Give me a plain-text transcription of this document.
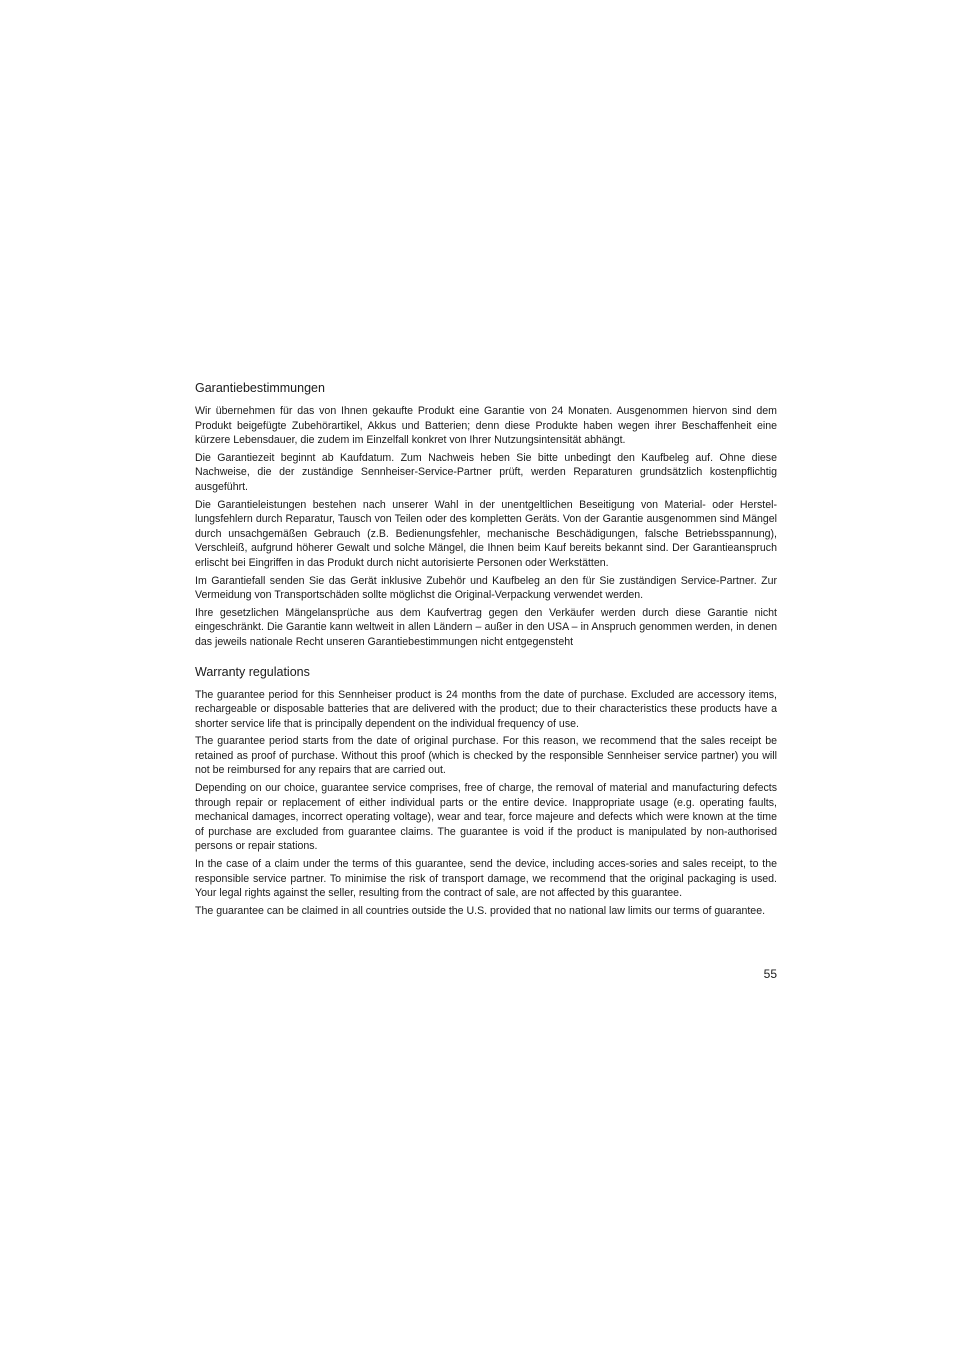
Garantiebestimmungen

Wir übernehmen für das von Ihnen gekaufte Produkt eine Garantie von 24 Monaten. Ausgenommen hiervon sind dem Produkt beigefügte Zubehörartikel, Akkus und Batterien; denn diese Produkte haben wegen ihrer Beschaffenheit eine kürzere Lebensdauer, die zudem im Einzelfall konkret von Ihrer Nutzungsintensität abhängt.

Die Garantiezeit beginnt ab Kaufdatum. Zum Nachweis heben Sie bitte unbedingt den Kaufbeleg auf. Ohne diese Nachweise, die der zuständige Sennheiser-Service-Partner prüft, werden Reparaturen grundsätzlich kostenpflichtig ausgeführt.

Die Garantieleistungen bestehen nach unserer Wahl in der unentgeltlichen Beseitigung von Material- oder Herstellungsfehlern durch Reparatur, Tausch von Teilen oder des kompletten Geräts. Von der Garantie ausgenommen sind Mängel durch unsachgemäßen Gebrauch (z.B. Bedienungsfehler, mechanische Beschädigungen, falsche Betriebsspannung), Verschleiß, aufgrund höherer Gewalt und solche Mängel, die Ihnen beim Kauf bereits bekannt sind. Der Garantieanspruch erlischt bei Eingriffen in das Produkt durch nicht autorisierte Personen oder Werkstätten.

Im Garantiefall senden Sie das Gerät inklusive Zubehör und Kaufbeleg an den für Sie zuständigen Service-Partner. Zur Vermeidung von Transportschäden sollte möglichst die Original-Verpackung verwendet werden.

Ihre gesetzlichen Mängelansprüche aus dem Kaufvertrag gegen den Verkäufer werden durch diese Garantie nicht eingeschränkt. Die Garantie kann weltweit in allen Ländern – außer in den USA – in Anspruch genommen werden, in denen das jeweils nationale Recht unseren Garantiebestimmungen nicht entgegensteht

Warranty regulations

The guarantee period for this Sennheiser product is 24 months from the date of purchase. Excluded are accessory items, rechargeable or disposable batteries that are delivered with the product; due to their characteristics these products have a shorter service life that is principally dependent on the individual frequency of use.

The guarantee period starts from the date of original purchase. For this reason, we recommend that the sales receipt be retained as proof of purchase. Without this proof (which is checked by the responsible Sennheiser service partner) you will not be reimbursed for any repairs that are carried out.

Depending on our choice, guarantee service comprises, free of charge, the removal of material and manufacturing defects through repair or replacement of either individual parts or the entire device. Inappropriate usage (e.g. operating faults, mechanical damages, incorrect operating voltage), wear and tear, force majeure and defects which were known at the time of purchase are excluded from guarantee claims. The guarantee is void if the product is manipulated by non-authorised persons or repair stations.

In the case of a claim under the terms of this guarantee, send the device, including acces-sories and sales receipt, to the responsible service partner. To minimise the risk of transport damage, we recommend that the original packaging is used. Your legal rights against the seller, resulting from the contract of sale, are not affected by this guarantee.

The guarantee can be claimed in all countries outside the U.S. provided that no national law limits our terms of guarantee.

55
